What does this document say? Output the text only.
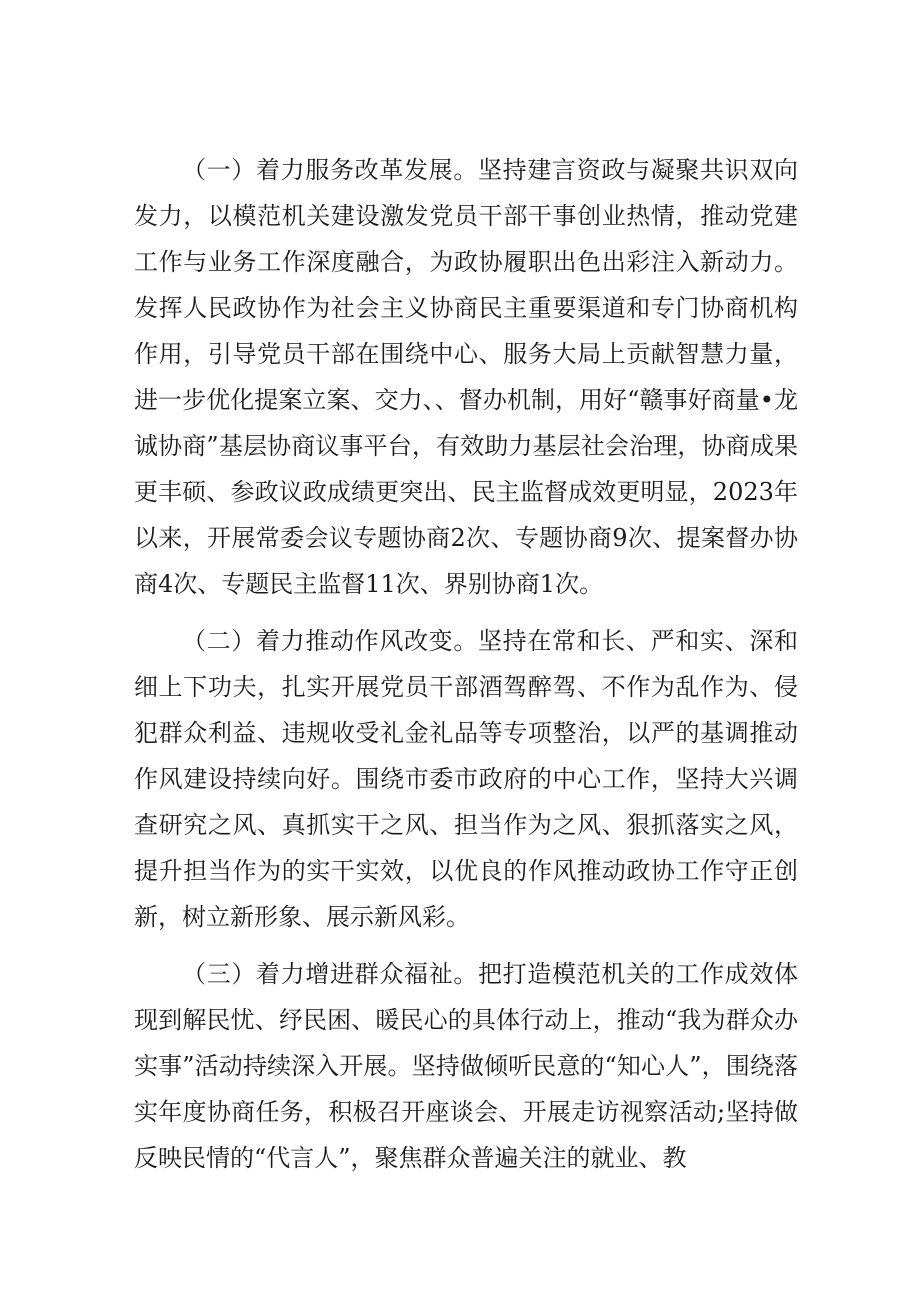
（一）着力服务改革发展。坚持建言资政与凝聚共识双向发力，以模范机关建设激发党员干部干事创业热情，推动党建工作与业务工作深度融合，为政协履职出色出彩注入新动力。发挥人民政协作为社会主义协商民主重要渠道和专门协商机构作用，引导党员干部在围绕中心、服务大局上贡献智慧力量，进一步优化提案立案、交力、、督办机制，用好“赣事好商量•龙诚协商”基层协商议事平台，有效助力基层社会治理，协商成果更丰硕、参政议政成绩更突出、民主监督成效更明显，2023年以来，开展常委会议专题协商2次、专题协商9次、提案督办协商4次、专题民主监督11次、界别协商1次。

（二）着力推动作风改变。坚持在常和长、严和实、深和细上下功夫，扎实开展党员干部酒驾醉驾、不作为乱作为、侵犯群众利益、违规收受礼金礼品等专项整治，以严的基调推动作风建设持续向好。围绕市委市政府的中心工作，坚持大兴调查研究之风、真抓实干之风、担当作为之风、狠抓落实之风，提升担当作为的实干实效，以优良的作风推动政协工作守正创新，树立新形象、展示新风彩。

（三）着力增进群众福祉。把打造模范机关的工作成效体现到解民忧、纾民困、暖民心的具体行动上，推动“我为群众办实事”活动持续深入开展。坚持做倾听民意的“知心人”，围绕落实年度协商任务，积极召开座谈会、开展走访视察活动;坚持做反映民情的“代言人”，聚焦群众普遍关注的就业、教
